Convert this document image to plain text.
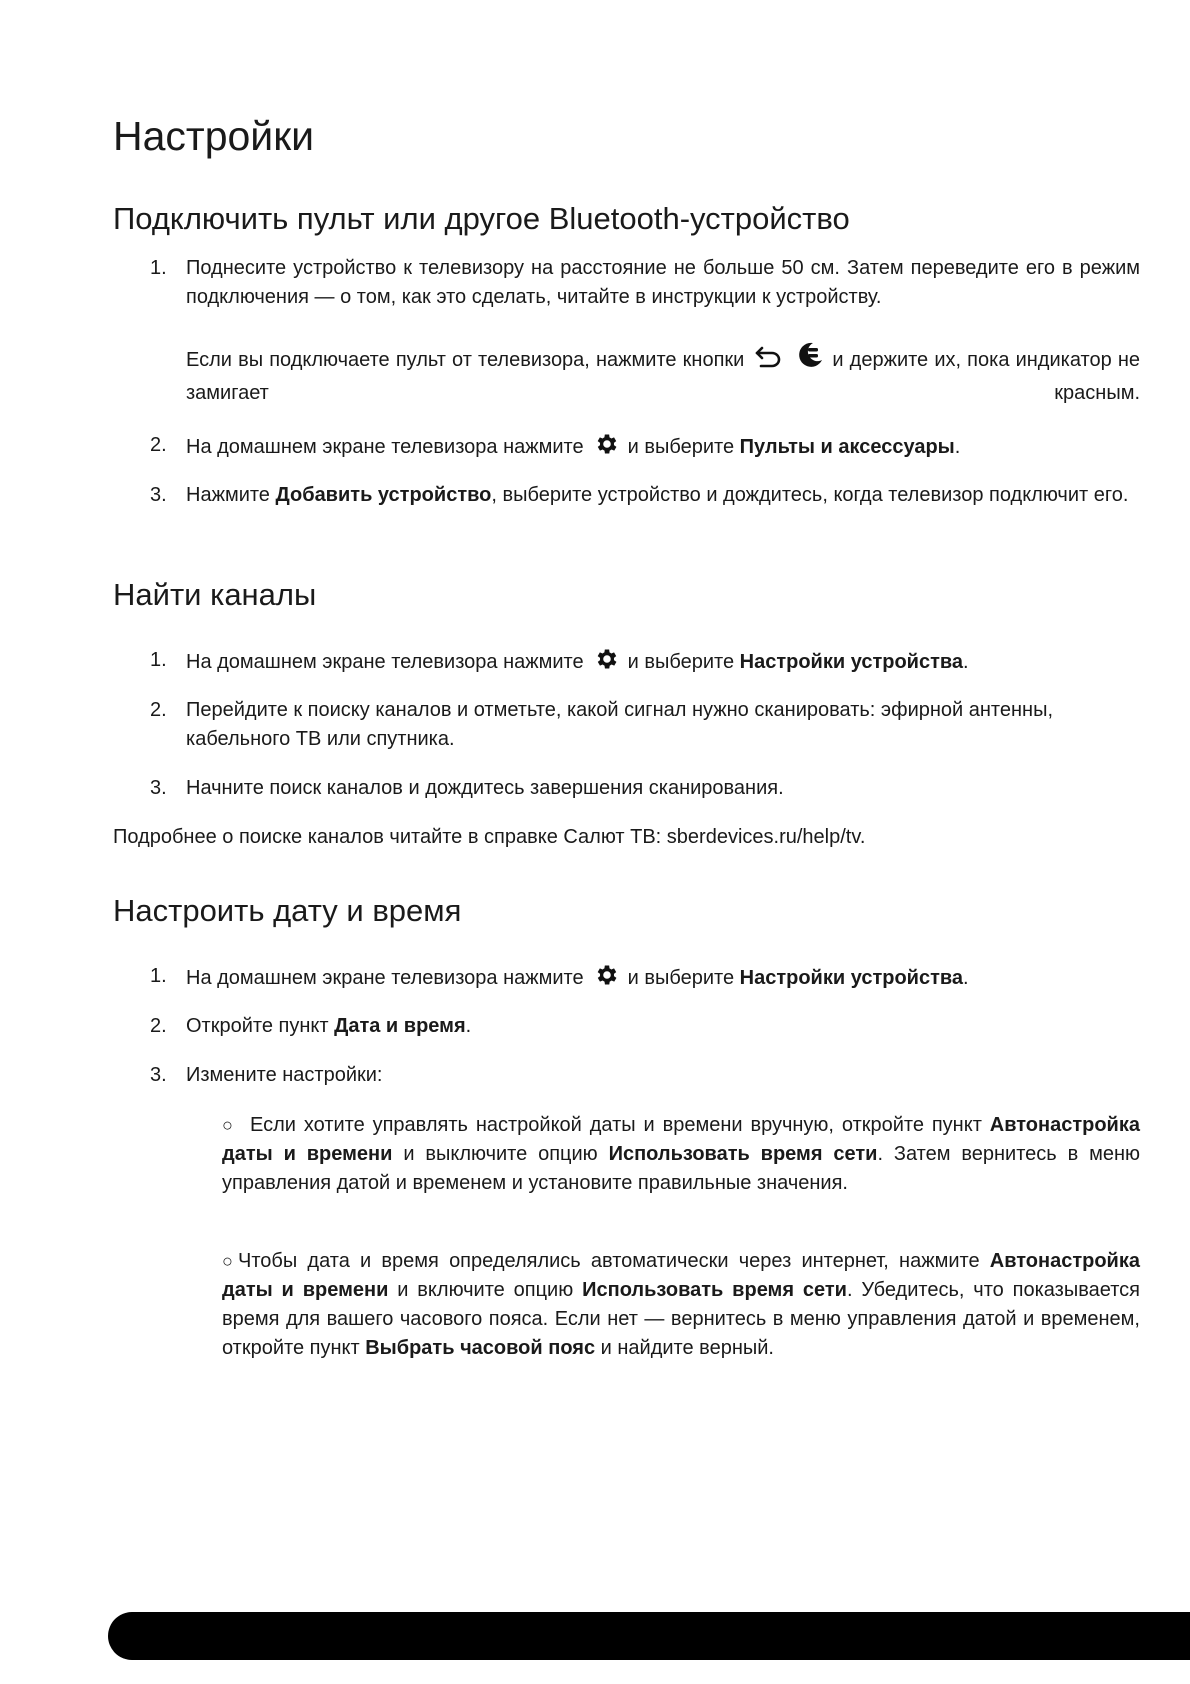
Настройки
Подключить пульт или другое Bluetooth-устройство
1. Поднесите устройство к телевизору на расстояние не больше 50 см. Затем переведите его в режим подключения — о том, как это сделать, читайте в инструкции к устройству.
Если вы подключаете пульт от телевизора, нажмите кнопки	и держите их, пока индикатор не замигает красным.
2. На домашнем экране телевизора нажмите и выберите Пульты и аксессуары.
3. Нажмите Добавить устройство, выберите устройство и дождитесь, когда телевизор подключит его.
Найти каналы
1. На домашнем экране телевизора нажмите и выберите Настройки устройства.
2. Перейдите к поиску каналов и отметьте, какой сигнал нужно сканировать: эфирной антенны, кабельного ТВ или спутника.
3. Начните поиск каналов и дождитесь завершения сканирования.
Подробнее о поиске каналов читайте в справке Салют ТВ: sberdevices.ru/help/tv.
Настроить дату и время
1. На домашнем экране телевизора нажмите и выберите Настройки устройства.
2. Откройте пункт Дата и время.
3. Измените настройки:
○ Если хотите управлять настройкой даты и времени вручную, откройте пункт Автонастройка даты и времени и выключите опцию Использовать время сети. Затем вернитесь в меню управления датой и временем и установите правильные значения.
○ Чтобы дата и время определялись автоматически через интернет, нажмите Автонастройка даты и времени и включите опцию Использовать время сети. Убедитесь, что показывается время для вашего часового пояса. Если нет — вернитесь в меню управления датой и временем, откройте пункт Выбрать часовой пояс и найдите верный.
